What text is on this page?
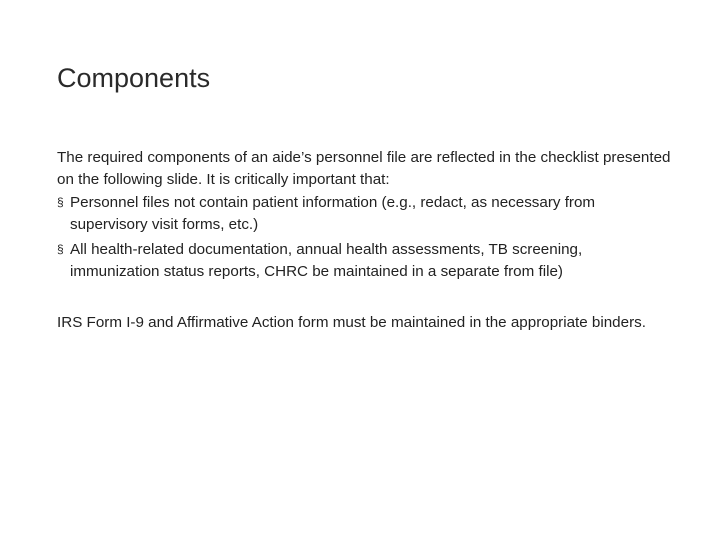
Components

The required components of an aide’s personnel file are reflected in the checklist presented on the following slide. It is critically important that:

§ Personnel files not contain patient information (e.g., redact, as necessary from supervisory visit forms, etc.)
§ All health-related documentation, annual health assessments, TB screening, immunization status reports, CHRC be maintained in a separate from file)

IRS Form I-9 and Affirmative Action form must be maintained in the appropriate binders.
